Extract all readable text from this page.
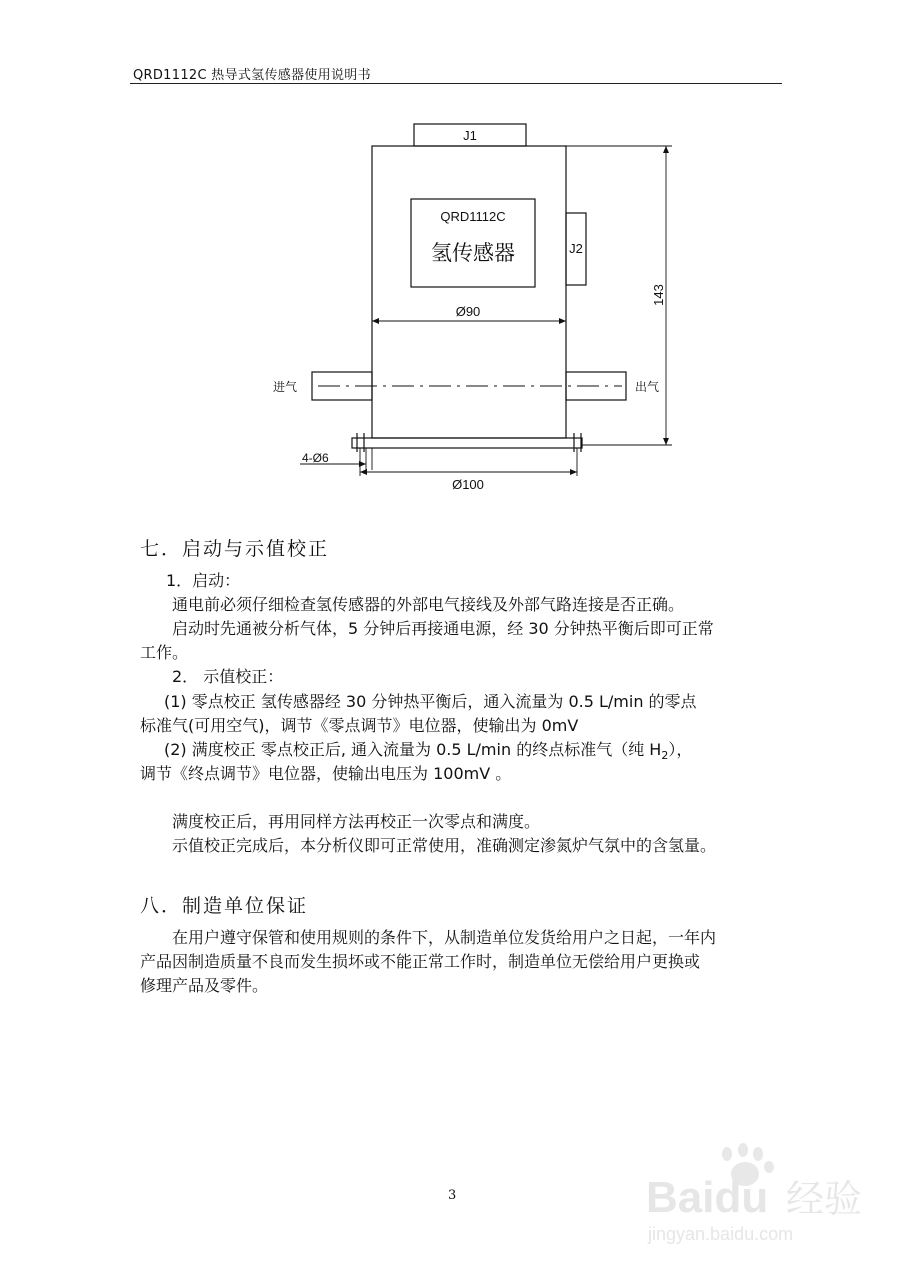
QRD1112C 热导式氢传感器使用说明书
J1
J2
QRD1112C
氢传感器
Ø90
143
Ø100
4-Ø6
进气	出气
七．启动与示值校正
1．启动：
通电前必须仔细检查氢传感器的外部电气接线及外部气路连接是否正确。
启动时先通被分析气体，5 分钟后再接通电源，经 30 分钟热平衡后即可正常
工作。
2． 示值校正：
(1) 零点校正 氢传感器经 30 分钟热平衡后，通入流量为 0.5 L/min 的零点
标准气(可用空气)，调节《零点调节》电位器，使输出为 0mV
(2) 满度校正 零点校正后, 通入流量为 0.5 L/min 的终点标准气（纯 $H_2$），
调节《终点调节》电位器，使输出电压为 100mV 。
满度校正后，再用同样方法再校正一次零点和满度。
示值校正完成后，本分析仪即可正常使用，准确测定渗氮炉气氛中的含氢量。
八．制造单位保证
在用户遵守保管和使用规则的条件下，从制造单位发货给用户之日起，一年内
产品因制造质量不良而发生损坏或不能正常工作时，制造单位无偿给用户更换或
修理产品及零件。
3	Baidu 经验
jingyan.baidu.com
